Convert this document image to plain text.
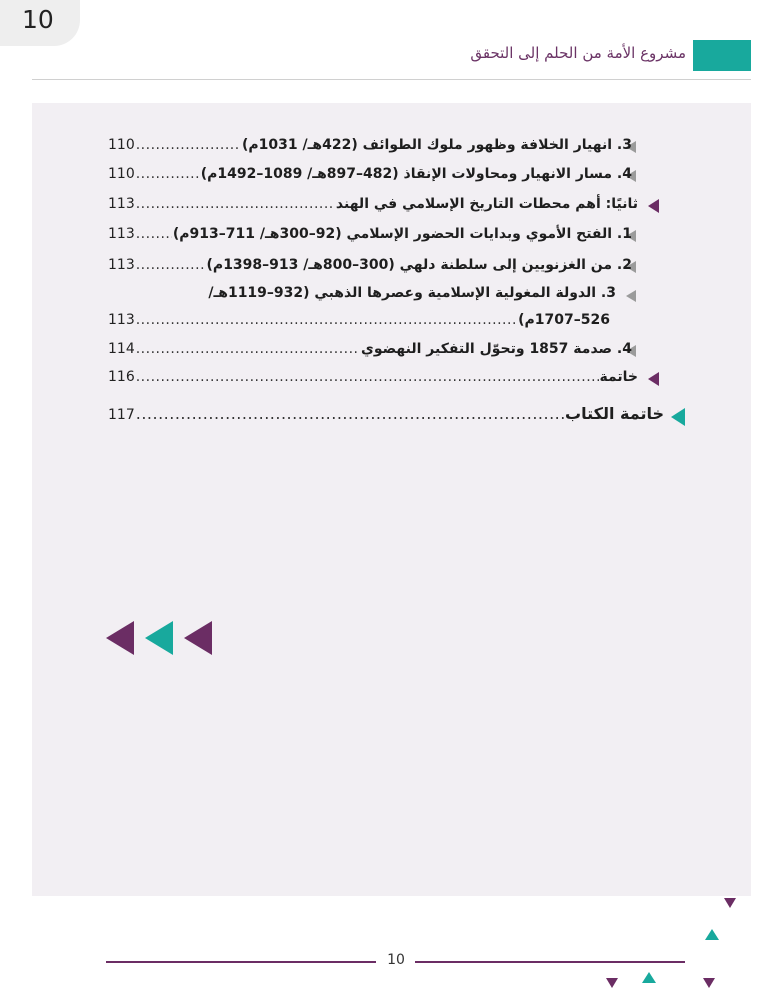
10
مشروع الأمة من الحلم إلى التحقق
3. انهيار الخلافة وظهور ملوك الطوائف (422هـ/ 1031م)
.....
110
4. مسار الانهيار ومحاولات الإنقاذ (482–897هـ/ 1089–1492م)
.....
110
ثانيًا: أهم محطات التاريخ الإسلامي في الهند
.....
113
1. الفتح الأموي وبدايات الحضور الإسلامي (92–300هـ/ 711–913م)
.....
113
2. من الغزنويين إلى سلطنة دلهي (300–800هـ/ 913–1398م)
.....
113
3. الدولة المغولية الإسلامية وعصرها الذهبي (932–1119هـ/
526–1707م)
.....
113
4. صدمة 1857 وتحوّل التفكير النهضوي
.....
114
خاتمة
.....
116
خاتمة الكتاب
.....
117
10
